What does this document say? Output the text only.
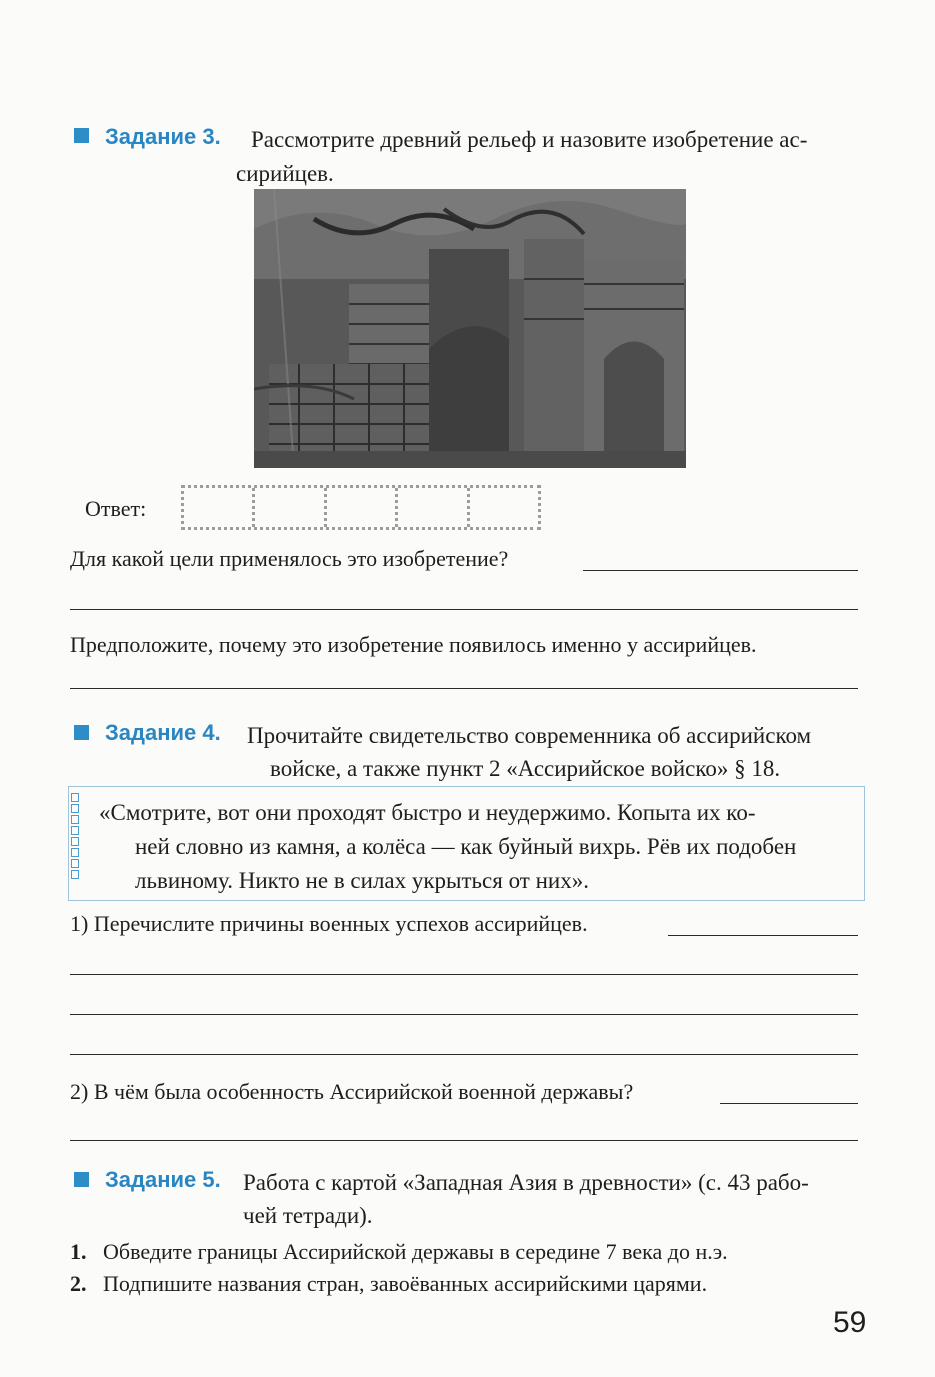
Задание 3. Рассмотрите древний рельеф и назовите изобретение ас-
сирийцев.
Ответ:
Для какой цели применялось это изобретение?
Предположите, почему это изобретение появилось именно у ассирийцев.
Задание 4. Прочитайте свидетельство современника об ассирийском
войске, а также пункт 2 «Ассирийское войско» § 18.
«Смотрите, вот они проходят быстро и неудержимо. Копыта их ко-
ней словно из камня, а колёса — как буйный вихрь. Рёв их подобен
львиному. Никто не в силах укрыться от них».
1) Перечислите причины военных успехов ассирийцев.
2) В чём была особенность Ассирийской военной державы?
Задание 5. Работа с картой «Западная Азия в древности» (с. 43 рабо-
чей тетради).
1. Обведите границы Ассирийской державы в середине 7 века до н.э.
2. Подпишите названия стран, завоёванных ассирийскими царями.
59
